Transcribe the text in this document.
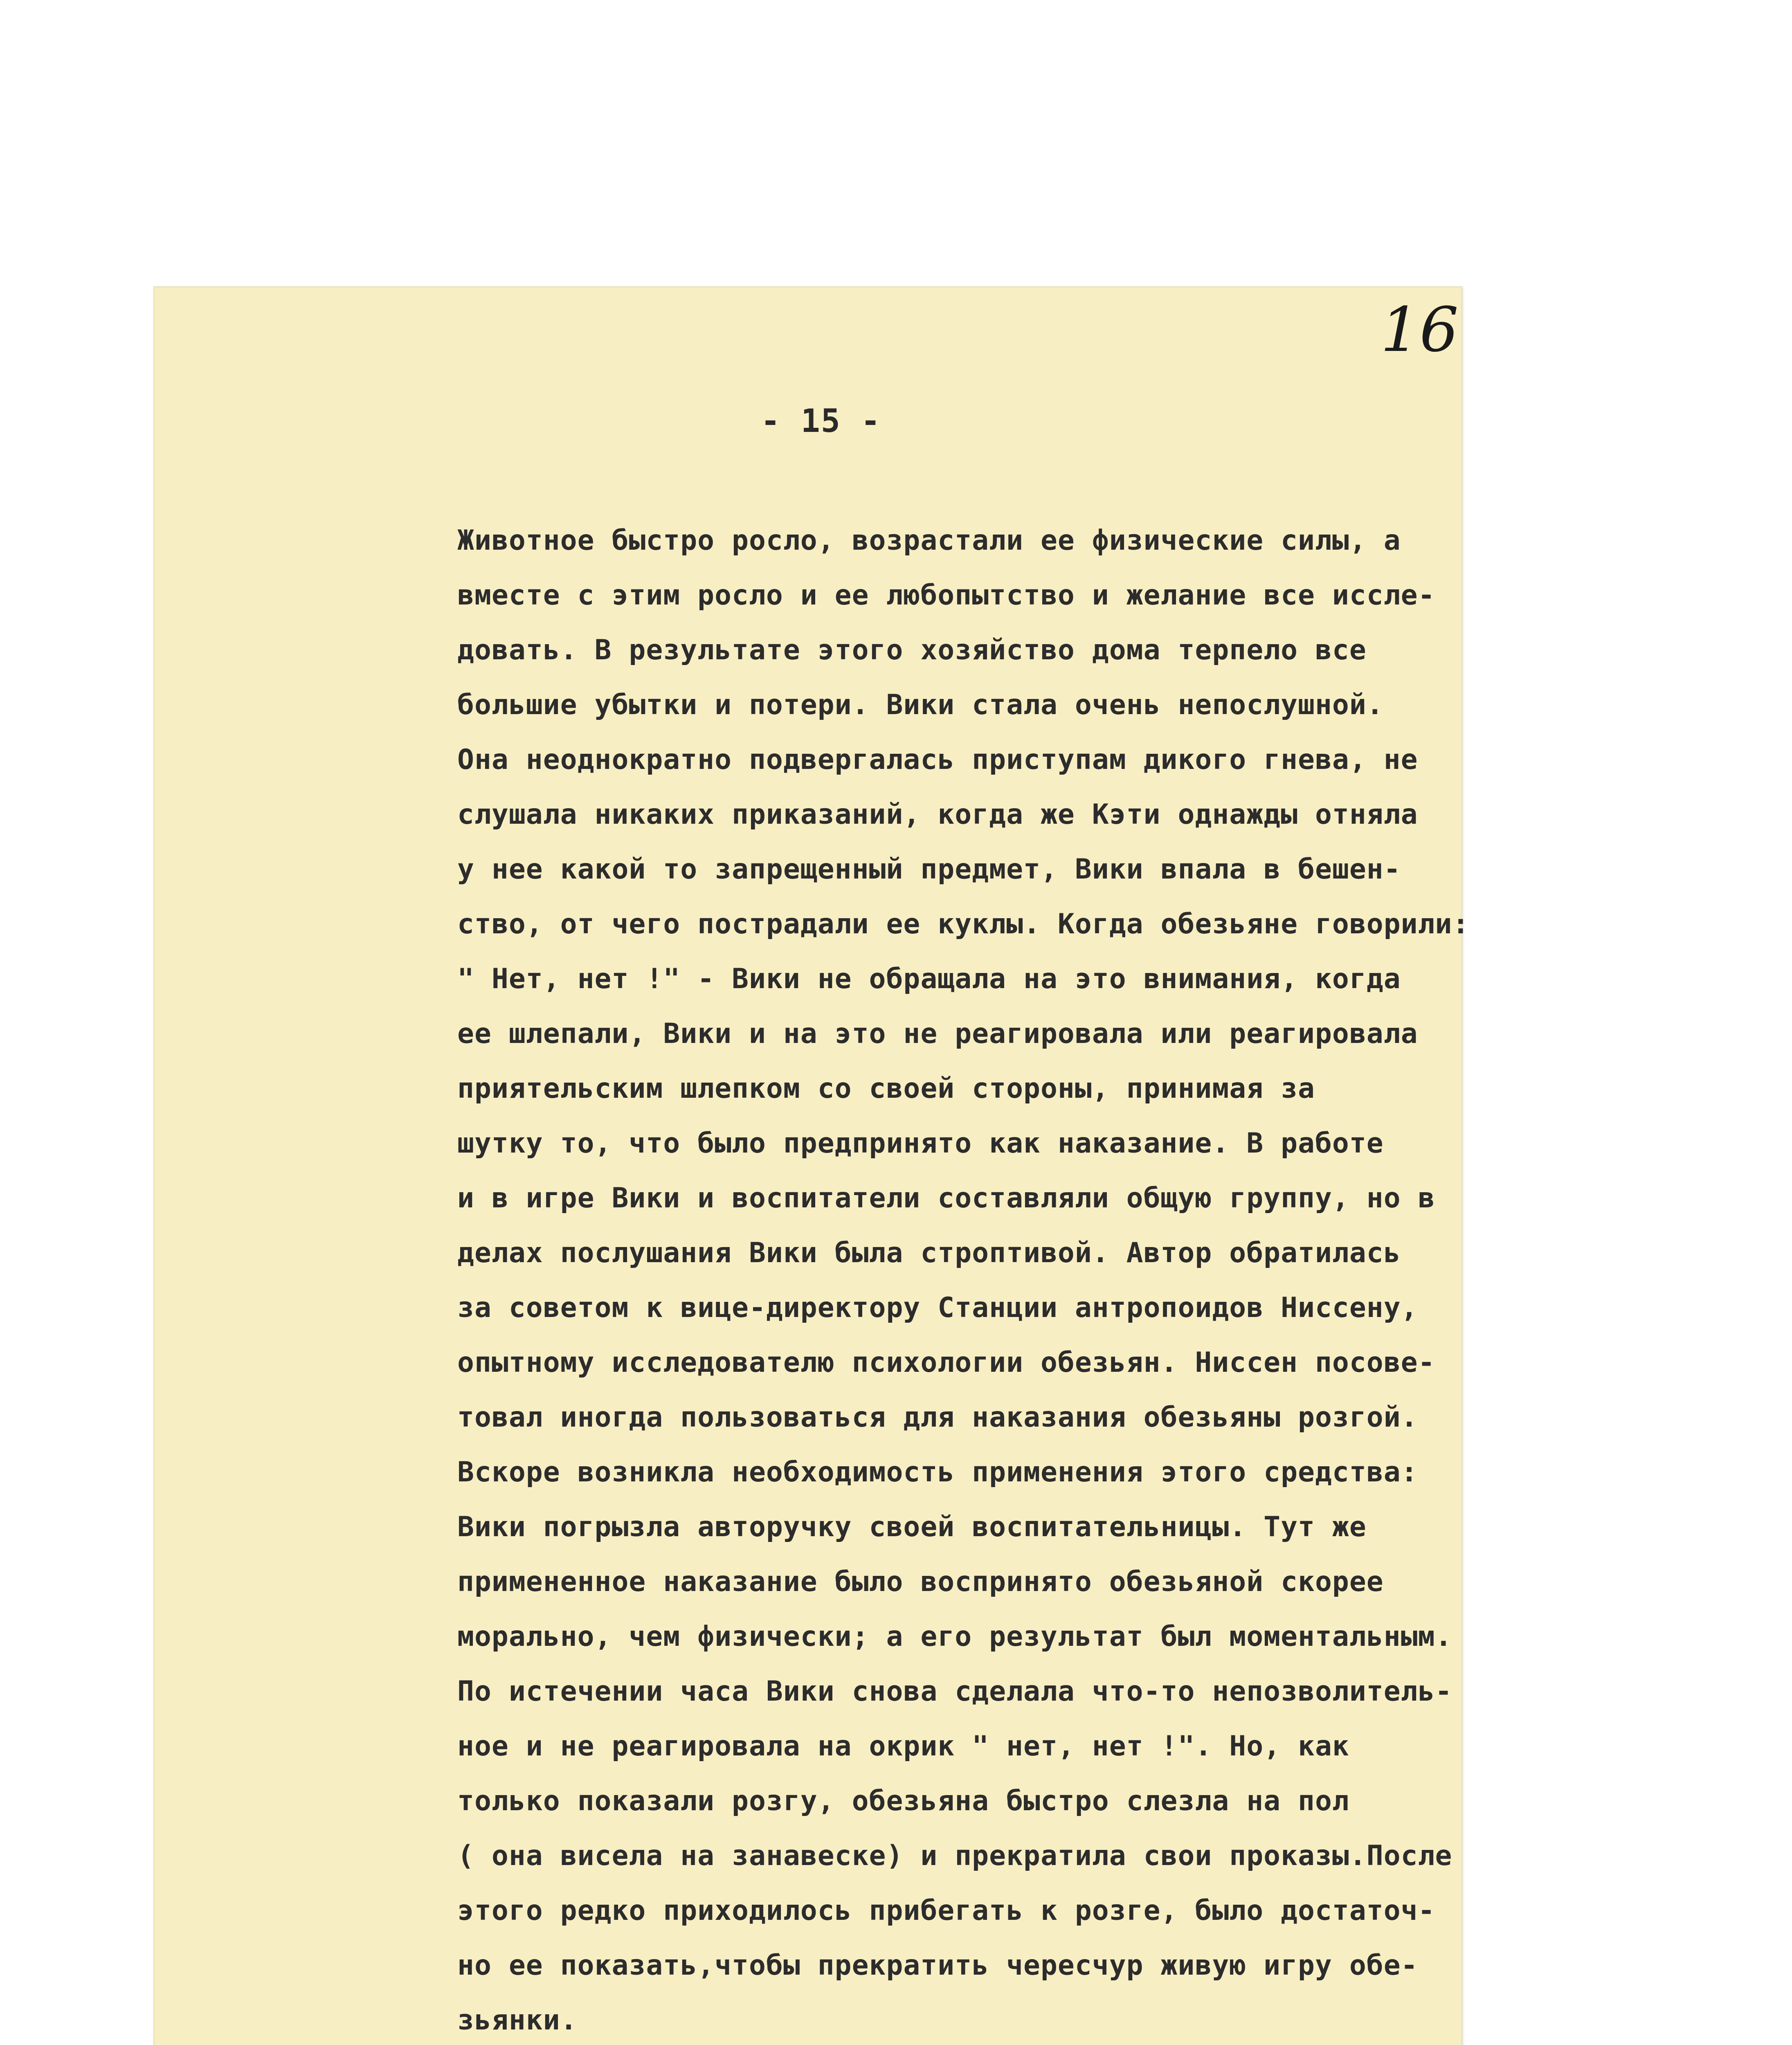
16
- 15 -
Животное быстро росло, возрастали ее физические силы, а
вместе с этим росло и ее любопытство и желание все иссле-
довать. В результате этого хозяйство дома терпело все
большие убытки и потери. Вики стала очень непослушной.
Она неоднократно подвергалась приступам дикого гнева, не
слушала никаких приказаний, когда же Кэти однажды отняла
у нее какой то запрещенный предмет, Вики впала в бешен-
ство, от чего пострадали ее куклы. Когда обезьяне говорили:
" Нет, нет !" - Вики не обращала на это внимания, когда
ее шлепали, Вики и на это не реагировала или реагировала
приятельским шлепком со своей стороны, принимая за
шутку то, что было предпринято как наказание. В работе
и в игре Вики и воспитатели составляли общую группу, но в
делах послушания Вики была строптивой. Автор обратилась
за советом к вице-директору Станции антропоидов Ниссену,
опытному исследователю психологии обезьян. Ниссен посове-
товал иногда пользоваться для наказания обезьяны розгой.
Вскоре возникла необходимость применения этого средства:
Вики погрызла авторучку своей воспитательницы. Тут же
примененное наказание было воспринято обезьяной скорее
морально, чем физически; а его результат был моментальным.
По истечении часа Вики снова сделала что-то непозволитель-
ное и не реагировала на окрик " нет, нет !". Но, как
только показали розгу, обезьяна быстро слезла на пол
( она висела на занавеске) и прекратила свои проказы.После
этого редко приходилось прибегать к розге, было достаточ-
но ее показать,чтобы прекратить чересчур живую игру обе-
зьянки.
